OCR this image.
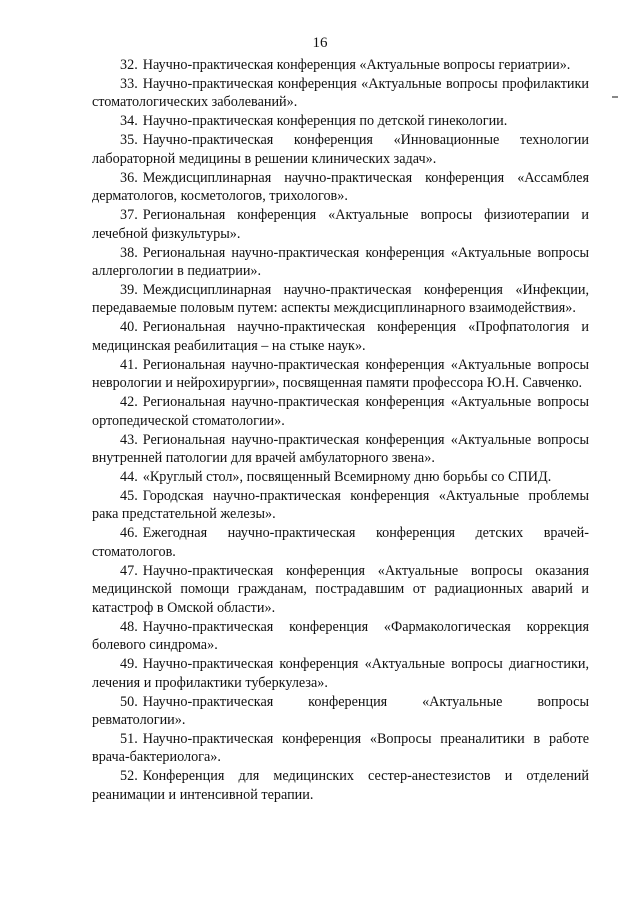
16

32. Научно-практическая конференция «Актуальные вопросы гериатрии».

33. Научно-практическая конференция «Актуальные вопросы профилактики стоматологических заболеваний».

34. Научно-практическая конференция по детской гинекологии.

35. Научно-практическая конференция «Инновационные технологии лабораторной медицины в решении клинических задач».

36. Междисциплинарная научно-практическая конференция «Ассамблея дерматологов, косметологов, трихологов».

37. Региональная конференция «Актуальные вопросы физиотерапии и лечебной физкультуры».

38. Региональная научно-практическая конференция «Актуальные вопросы аллергологии в педиатрии».

39. Междисциплинарная научно-практическая конференция «Инфекции, передаваемые половым путем: аспекты междисциплинарного взаимодействия».

40. Региональная научно-практическая конференция «Профпатология и медицинская реабилитация – на стыке наук».

41. Региональная научно-практическая конференция «Актуальные вопросы неврологии и нейрохирургии», посвященная памяти профессора Ю.Н. Савченко.

42. Региональная научно-практическая конференция «Актуальные вопросы ортопедической стоматологии».

43. Региональная научно-практическая конференция «Актуальные вопросы внутренней патологии для врачей амбулаторного звена».

44. «Круглый стол», посвященный Всемирному дню борьбы со СПИД.

45. Городская научно-практическая конференция «Актуальные проблемы рака предстательной железы».

46. Ежегодная научно-практическая конференция детских врачей-стоматологов.

47. Научно-практическая конференция «Актуальные вопросы оказания медицинской помощи гражданам, пострадавшим от радиационных аварий и катастроф в Омской области».

48. Научно-практическая конференция «Фармакологическая коррекция болевого синдрома».

49. Научно-практическая конференция «Актуальные вопросы диагностики, лечения и профилактики туберкулеза».

50. Научно-практическая конференция «Актуальные вопросы ревматологии».

51. Научно-практическая конференция «Вопросы преаналитики в работе врача-бактериолога».

52. Конференция для медицинских сестер-анестезистов и отделений реанимации и интенсивной терапии.
